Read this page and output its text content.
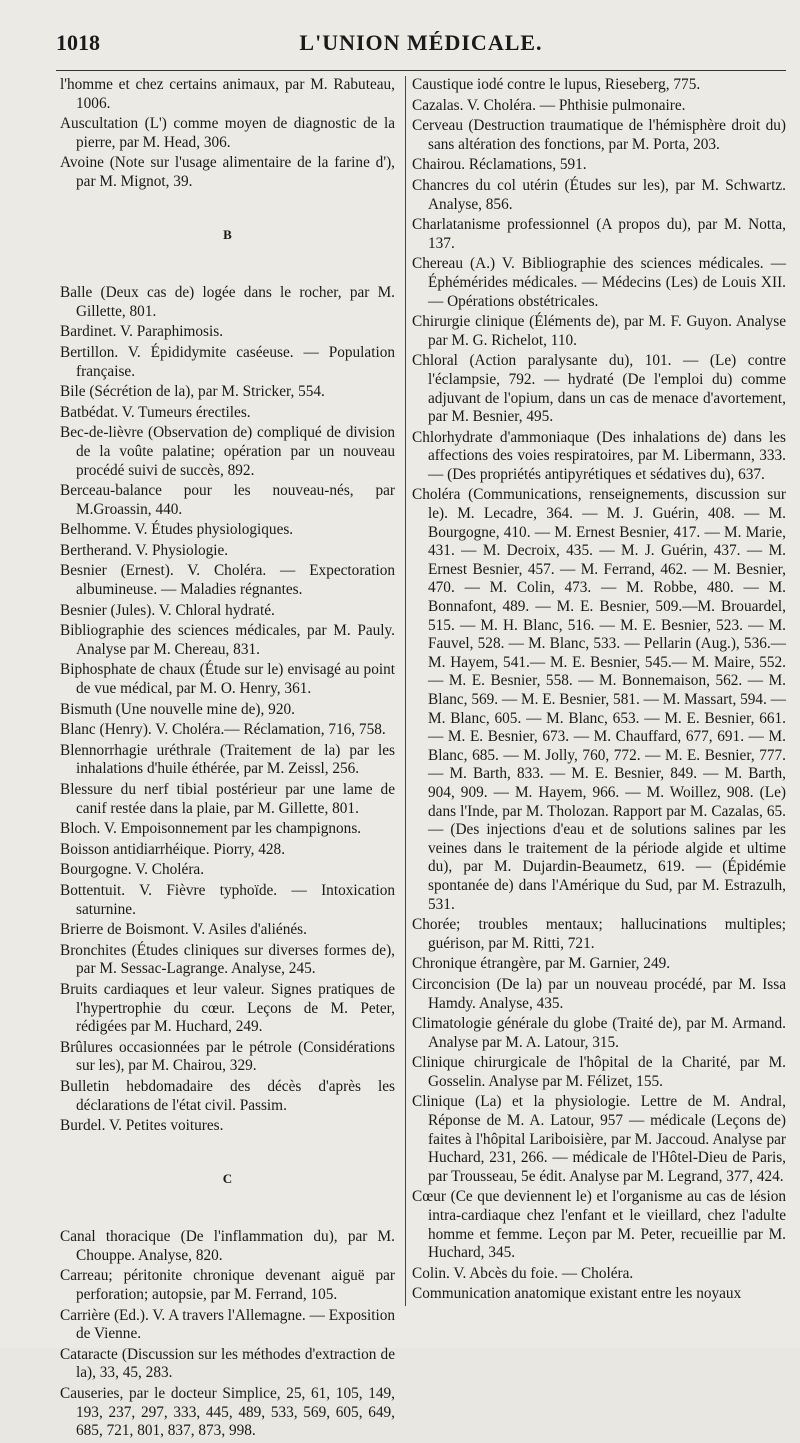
1018	L'UNION MÉDICALE.

l'homme et chez certains animaux, par M. Rabuteau, 1006.

Auscultation (L') comme moyen de diagnostic de la pierre, par M. Head, 306.

Avoine (Note sur l'usage alimentaire de la farine d'), par M. Mignot, 39.

B

Balle (Deux cas de) logée dans le rocher, par M. Gillette, 801.

Bardinet. V. Paraphimosis.

Bertillon. V. Épididymite caséeuse. — Population française.

Bile (Sécrétion de la), par M. Stricker, 554.

Batbédat. V. Tumeurs érectiles.

Bec-de-lièvre (Observation de) compliqué de division de la voûte palatine; opération par un nouveau procédé suivi de succès, 892.

Berceau-balance pour les nouveau-nés, par M.Groassin, 440.

Belhomme. V. Études physiologiques.

Bertherand. V. Physiologie.

Besnier (Ernest). V. Choléra. — Expectoration albumineuse. — Maladies régnantes.

Besnier (Jules). V. Chloral hydraté.

Bibliographie des sciences médicales, par M. Pauly. Analyse par M. Chereau, 831.

Biphosphate de chaux (Étude sur le) envisagé au point de vue médical, par M. O. Henry, 361.

Bismuth (Une nouvelle mine de), 920.

Blanc (Henry). V. Choléra.— Réclamation, 716, 758.

Blennorrhagie uréthrale (Traitement de la) par les inhalations d'huile éthérée, par M. Zeissl, 256.

Blessure du nerf tibial postérieur par une lame de canif restée dans la plaie, par M. Gillette, 801.

Bloch. V. Empoisonnement par les champignons.

Boisson antidiarrhéique. Piorry, 428.

Bourgogne. V. Choléra.

Bottentuit. V. Fièvre typhoïde. — Intoxication saturnine.

Brierre de Boismont. V. Asiles d'aliénés.

Bronchites (Études cliniques sur diverses formes de), par M. Sessac-Lagrange. Analyse, 245.

Bruits cardiaques et leur valeur. Signes pratiques de l'hypertrophie du cœur. Leçons de M. Peter, rédigées par M. Huchard, 249.

Brûlures occasionnées par le pétrole (Considérations sur les), par M. Chairou, 329.

Bulletin hebdomadaire des décès d'après les déclarations de l'état civil. Passim.

Burdel. V. Petites voitures.

C

Canal thoracique (De l'inflammation du), par M. Chouppe. Analyse, 820.

Carreau; péritonite chronique devenant aiguë par perforation; autopsie, par M. Ferrand, 105.

Carrière (Ed.). V. A travers l'Allemagne. — Exposition de Vienne.

Cataracte (Discussion sur les méthodes d'extraction de la), 33, 45, 283.

Causeries, par le docteur Simplice, 25, 61, 105, 149, 193, 237, 297, 333, 445, 489, 533, 569, 605, 649, 685, 721, 801, 837, 873, 998.

Caustique iodé contre le lupus, Rieseberg, 775.

Cazalas. V. Choléra. — Phthisie pulmonaire.

Cerveau (Destruction traumatique de l'hémisphère droit du) sans altération des fonctions, par M. Porta, 203.

Chairou. Réclamations, 591.

Chancres du col utérin (Études sur les), par M. Schwartz. Analyse, 856.

Charlatanisme professionnel (A propos du), par M. Notta, 137.

Chereau (A.) V. Bibliographie des sciences médicales. — Éphémérides médicales. — Médecins (Les) de Louis XII. — Opérations obstétricales.

Chirurgie clinique (Éléments de), par M. F. Guyon. Analyse par M. G. Richelot, 110.

Chloral (Action paralysante du), 101. — (Le) contre l'éclampsie, 792. — hydraté (De l'emploi du) comme adjuvant de l'opium, dans un cas de menace d'avortement, par M. Besnier, 495.

Chlorhydrate d'ammoniaque (Des inhalations de) dans les affections des voies respiratoires, par M. Libermann, 333. — (Des propriétés antipyrétiques et sédatives du), 637.

Choléra (Communications, renseignements, discussion sur le). M. Lecadre, 364. — M. J. Guérin, 408. — M. Bourgogne, 410. — M. Ernest Besnier, 417. — M. Marie, 431. — M. Decroix, 435. — M. J. Guérin, 437. — M. Ernest Besnier, 457. — M. Ferrand, 462. — M. Besnier, 470. — M. Colin, 473. — M. Robbe, 480. — M. Bonnafont, 489. — M. E. Besnier, 509.—M. Brouardel, 515. — M. H. Blanc, 516. — M. E. Besnier, 523. — M. Fauvel, 528. — M. Blanc, 533. — Pellarin (Aug.), 536.— M. Hayem, 541.— M. E. Besnier, 545.— M. Maire, 552. — M. E. Besnier, 558. — M. Bonnemaison, 562. — M. Blanc, 569. — M. E. Besnier, 581. — M. Massart, 594. — M. Blanc, 605. — M. Blanc, 653. — M. E. Besnier, 661. — M. E. Besnier, 673. — M. Chauffard, 677, 691. — M. Blanc, 685. — M. Jolly, 760, 772. — M. E. Besnier, 777. — M. Barth, 833. — M. E. Besnier, 849. — M. Barth, 904, 909. — M. Hayem, 966. — M. Woillez, 908. (Le) dans l'Inde, par M. Tholozan. Rapport par M. Cazalas, 65. — (Des injections d'eau et de solutions salines par les veines dans le traitement de la période algide et ultime du), par M. Dujardin-Beaumetz, 619. — (Épidémie spontanée de) dans l'Amérique du Sud, par M. Estrazulh, 531.

Chorée; troubles mentaux; hallucinations multiples; guérison, par M. Ritti, 721.

Chronique étrangère, par M. Garnier, 249.

Circoncision (De la) par un nouveau procédé, par M. Issa Hamdy. Analyse, 435.

Climatologie générale du globe (Traité de), par M. Armand. Analyse par M. A. Latour, 315.

Clinique chirurgicale de l'hôpital de la Charité, par M. Gosselin. Analyse par M. Félizet, 155.

Clinique (La) et la physiologie. Lettre de M. Andral, Réponse de M. A. Latour, 957 — médicale (Leçons de) faites à l'hôpital Lariboisière, par M. Jaccoud. Analyse par Huchard, 231, 266. — médicale de l'Hôtel-Dieu de Paris, par Trousseau, 5e édit. Analyse par M. Legrand, 377, 424.

Cœur (Ce que deviennent le) et l'organisme au cas de lésion intra-cardiaque chez l'enfant et le vieillard, chez l'adulte homme et femme. Leçon par M. Peter, recueillie par M. Huchard, 345.

Colin. V. Abcès du foie. — Choléra.

Communication anatomique existant entre les noyaux
